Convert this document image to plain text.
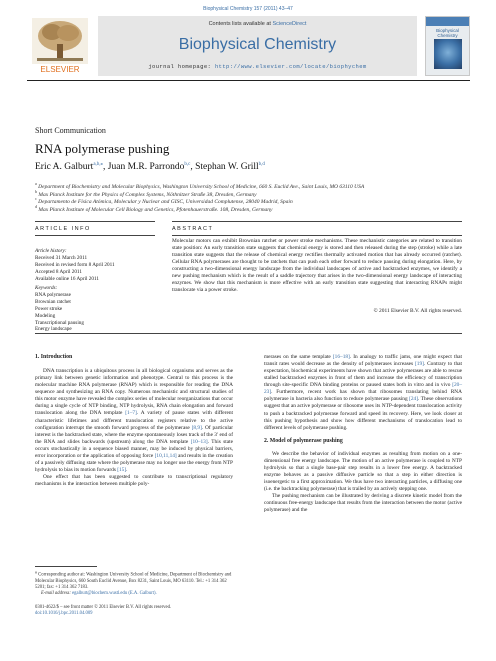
Biophysical Chemistry 157 (2011) 43–47
ELSEVIER
Contents lists available at ScienceDirect
Biophysical Chemistry
journal homepage: http://www.elsevier.com/locate/biophychem
Biophysical Chemistry
Short Communication
RNA polymerase pushing
Eric A. Galburt$^{a,b,⁎}$, Juan M.R. Parrondo$^{b,c}$, Stephan W. Grill$^{b,d}$
$^a$ Department of Biochemistry and Molecular Biophysics, Washington University School of Medicine, 660 S. Euclid Ave., Saint Louis, MO 63110 USA
$^b$ Max Planck Institute for the Physics of Complex Systems, Nöthnitzer Straße 38, Dresden, Germany
$^c$ Departamento de Física Atómica, Molecular y Nuclear and GISC, Universidad Complutense, 28040 Madrid, Spain
$^d$ Max Planck Institute of Molecular Cell Biology and Genetics, Pfotenhauerstraße. 108, Dresden, Germany
ARTICLE INFO	ABSTRACT
Article history:
Received 31 March 2011
Received in revised form 8 April 2011
Accepted 8 April 2011
Available online 16 April 2011
Keywords:
RNA polymerase
Brownian ratchet
Power stroke
Modeling
Transcriptional pausing
Energy landscape
Molecular motors can exhibit Brownian ratchet or power stroke mechanisms. These mechanistic categories are related to transition state position: An early transition state suggests that chemical energy is stored and then released during the step (stroke) while a late transition state suggests that the release of chemical energy rectifies thermally activated motion that has already occurred (ratchet). Cellular RNA polymerases are thought to be ratchets that can push each other forward to reduce pausing during elongation. Here, by constructing a two-dimensional energy landscape from the individual landscapes of active and backtracked enzymes, we identify a new pushing mechanism which is the result of a saddle trajectory that arises in the two-dimensional energy landscape of interacting enzymes. We show that this mechanism is more effective with an early transition state suggesting that interacting RNAPs might translocate via a power stroke.
© 2011 Elsevier B.V. All rights reserved.

1. Introduction

DNA transcription is a ubiquitous process in all biological organisms and serves as the primary link between genetic information and phenotype. Central to this process is the molecular machine RNA polymerase (RNAP) which is responsible for reading the DNA sequence and synthesizing an RNA copy. Numerous mechanistic and structural studies of this motor enzyme have revealed the complex series of molecular reorganizations that occur during a single cycle of NTP binding, NTP hydrolysis, RNA chain elongation and forward translocation along the DNA template [1–7]. A variety of pause states with different characteristic lifetimes and different translocation registers relative to the active configuration interrupt the smooth forward progress of the polymerase [8,9]. Of particular interest is the backtracked state, where the enzyme spontaneously loses track of the 3′ end of the RNA and slides backwards (upstream) along the DNA template [10–13]. This state occurs stochastically in a sequence biased manner, may be induced by physical barriers, error incorporation or the application of opposing force [10,11,14] and results in the creation of a passively diffusing state where the polymerase may no longer use the energy from NTP hydrolysis to bias its motion forwards [15].

One effect that has been suggested to contribute to transcriptional regulatory mechanisms is the interaction between multiple poly-

merases on the same template [16–18]. In analogy to traffic jams, one might expect that transit rates would decrease as the density of polymerases increases [19]. Contrary to that expectation, biochemical experiments have shown that active polymerases are able to rescue stalled backtracked enzymes in front of them and increase the efficiency of transcription through site-specific DNA binding proteins or paused states both in vitro and in vivo [20–23]. Furthermore, recent work has shown that ribosomes translating behind RNA polymerase in bacteria also function to reduce polymerase pausing [24]. These observations suggest that an active polymerase or ribosome uses its NTP-dependent translocation activity to push a backtracked polymerase forward and speed its recovery. Here, we look closer at this pushing hypothesis and show how different mechanisms of translocation lead to different levels of polymerase pushing.

2. Model of polymerase pushing

We describe the behavior of individual enzymes as resulting from motion on a one-dimensional free energy landscape. The motion of an active polymerase is coupled to NTP hydrolysis so that a single base-pair step results in a lower free energy. A backtracked enzyme behaves as a passive diffusive particle so that a step in either direction is isoenergetic to a first approximation. We thus have two interacting particles, a diffusing one (i.e. the backtracking polymerase) that is trailed by an actively stepping one.

The pushing mechanism can be illustrated by deriving a discrete kinetic model from the continuous free-energy landscape that results from the interaction between the motor (active polymerase) and the

⁎ Corresponding author at: Washington University School of Medicine, Department of Biochemistry and Molecular Biophysics, 660 South Euclid Avenue, Box 8231, Saint Louis, MO 63110. Tel.: +1 314 362 5201; fax: +1 314 362 7183.
E-mail address: egalburt@biochem.wustl.edu (E.A. Galburt).
0301-4622/$ – see front matter © 2011 Elsevier B.V. All rights reserved.
doi:10.1016/j.bpc.2011.04.009
